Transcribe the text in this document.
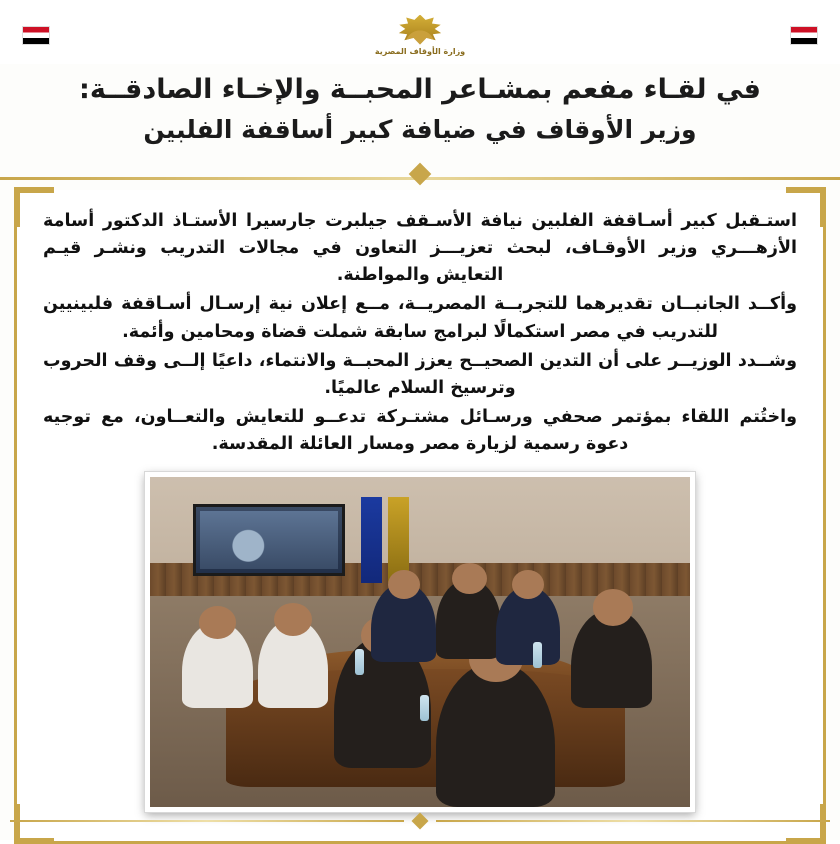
وزارة الأوقاف المصرية
في لقـاء مفعم بمشـاعر المحبــة والإخـاء الصادقــة:
وزير الأوقاف في ضيافة كبير أساقفة الفلبين

استـقبل كبير أسـاقفة الفلبين نيافة الأسـقف جيلبرت جارسيرا الأستـاذ الدكتور أسامة الأزهـــري وزير الأوقـاف، لبحث تعزيـــز التعاون في مجالات التدريب ونشـر قيـم التعايش والمواطنة.

وأكــد الجانبــان تقديرهما للتجربــة المصريــة، مــع إعلان نية إرسـال أسـاقفة فلبينيين للتدريب في مصر استكمالًا لبرامج سابقة شملت قضاة ومحامين وأئمة.

وشــدد الوزيــر على أن التدين الصحيــح يعزز المحبــة والانتماء، داعيًا إلــى وقف الحروب وترسيخ السلام عالميًا.

واختُتم اللقاء بمؤتمر صحفي ورسـائل مشتـركة تدعــو للتعايش والتعــاون، مع توجيه دعوة رسمية لزيارة مصر ومسار العائلة المقدسة.
